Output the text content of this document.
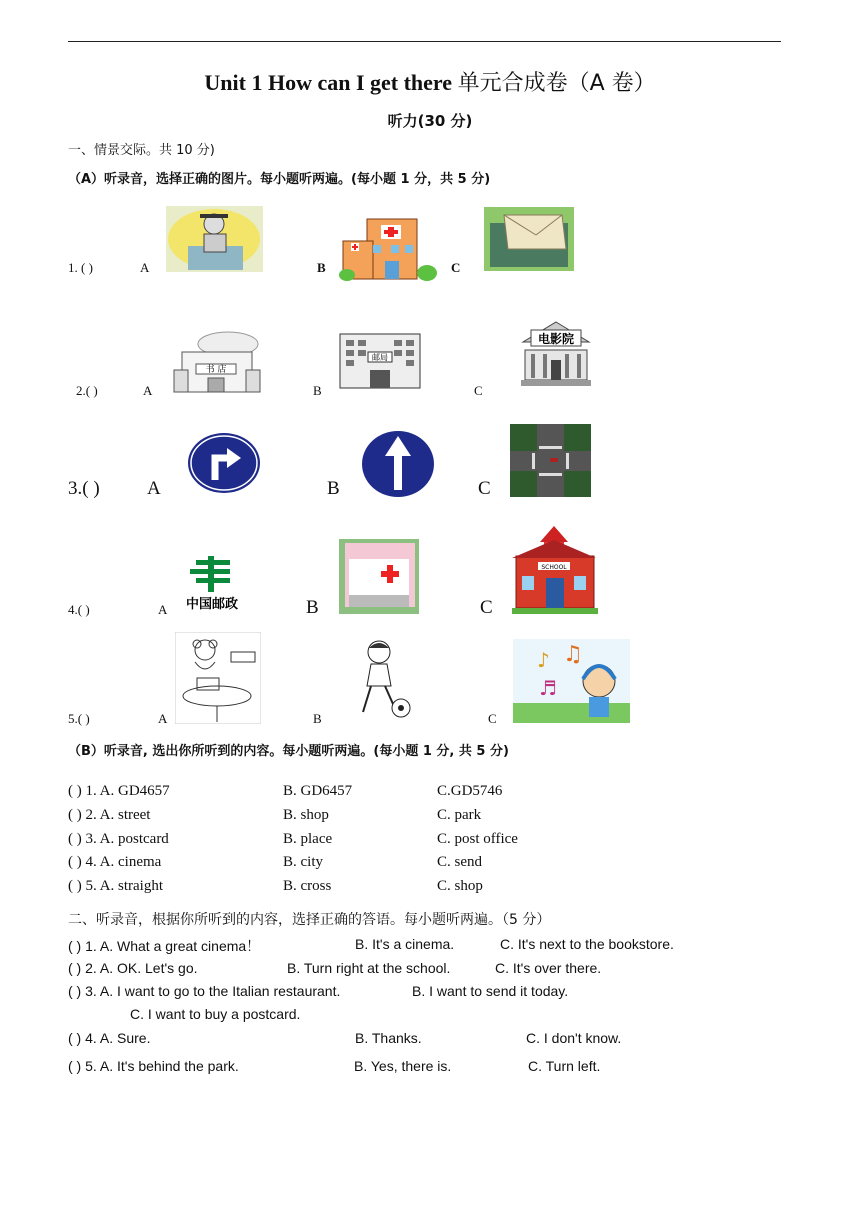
Unit 1 How can I get there 单元合成卷（A 卷）
听力(30 分)
一、情景交际。共 10 分)
（A）听录音，选择正确的图片。每小题听两遍。(每小题 1 分，共 5 分)
1. ( )	A	B	C
2.( )	A
书 店
B
邮局
C
电影院
3.( ) A	B	C
4.( )	A 中国邮政	B	C
SCHOOL
5.( )	A	B	C
♪ ♫
♬
（B）听录音, 选出你所听到的内容。每小题听两遍。(每小题 1 分, 共 5 分)
( ) 1. A. GD4657	B. GD6457	C.GD5746
( ) 2. A. street	B. shop	C. park
( ) 3. A. postcard	B. place	C. post office
( ) 4. A. cinema	B. city	C. send
( ) 5. A. straight	B. cross	C. shop
二、听录音，根据你所听到的内容，选择正确的答语。每小题听两遍。（5 分）
( ) 1. A. What a great cinema！	B. It's a cinema.	C. It's next to the bookstore.
( ) 2. A. OK. Let's go.	B. Turn right at the school.	C. It's over there.
( ) 3. A. I want to go to the Italian restaurant.	B. I want to send it today.
C. I want to buy a postcard.
( ) 4. A. Sure.	B. Thanks.	C. I don't know.
( ) 5. A. It's behind the park.	B. Yes, there is.	C. Turn left.
